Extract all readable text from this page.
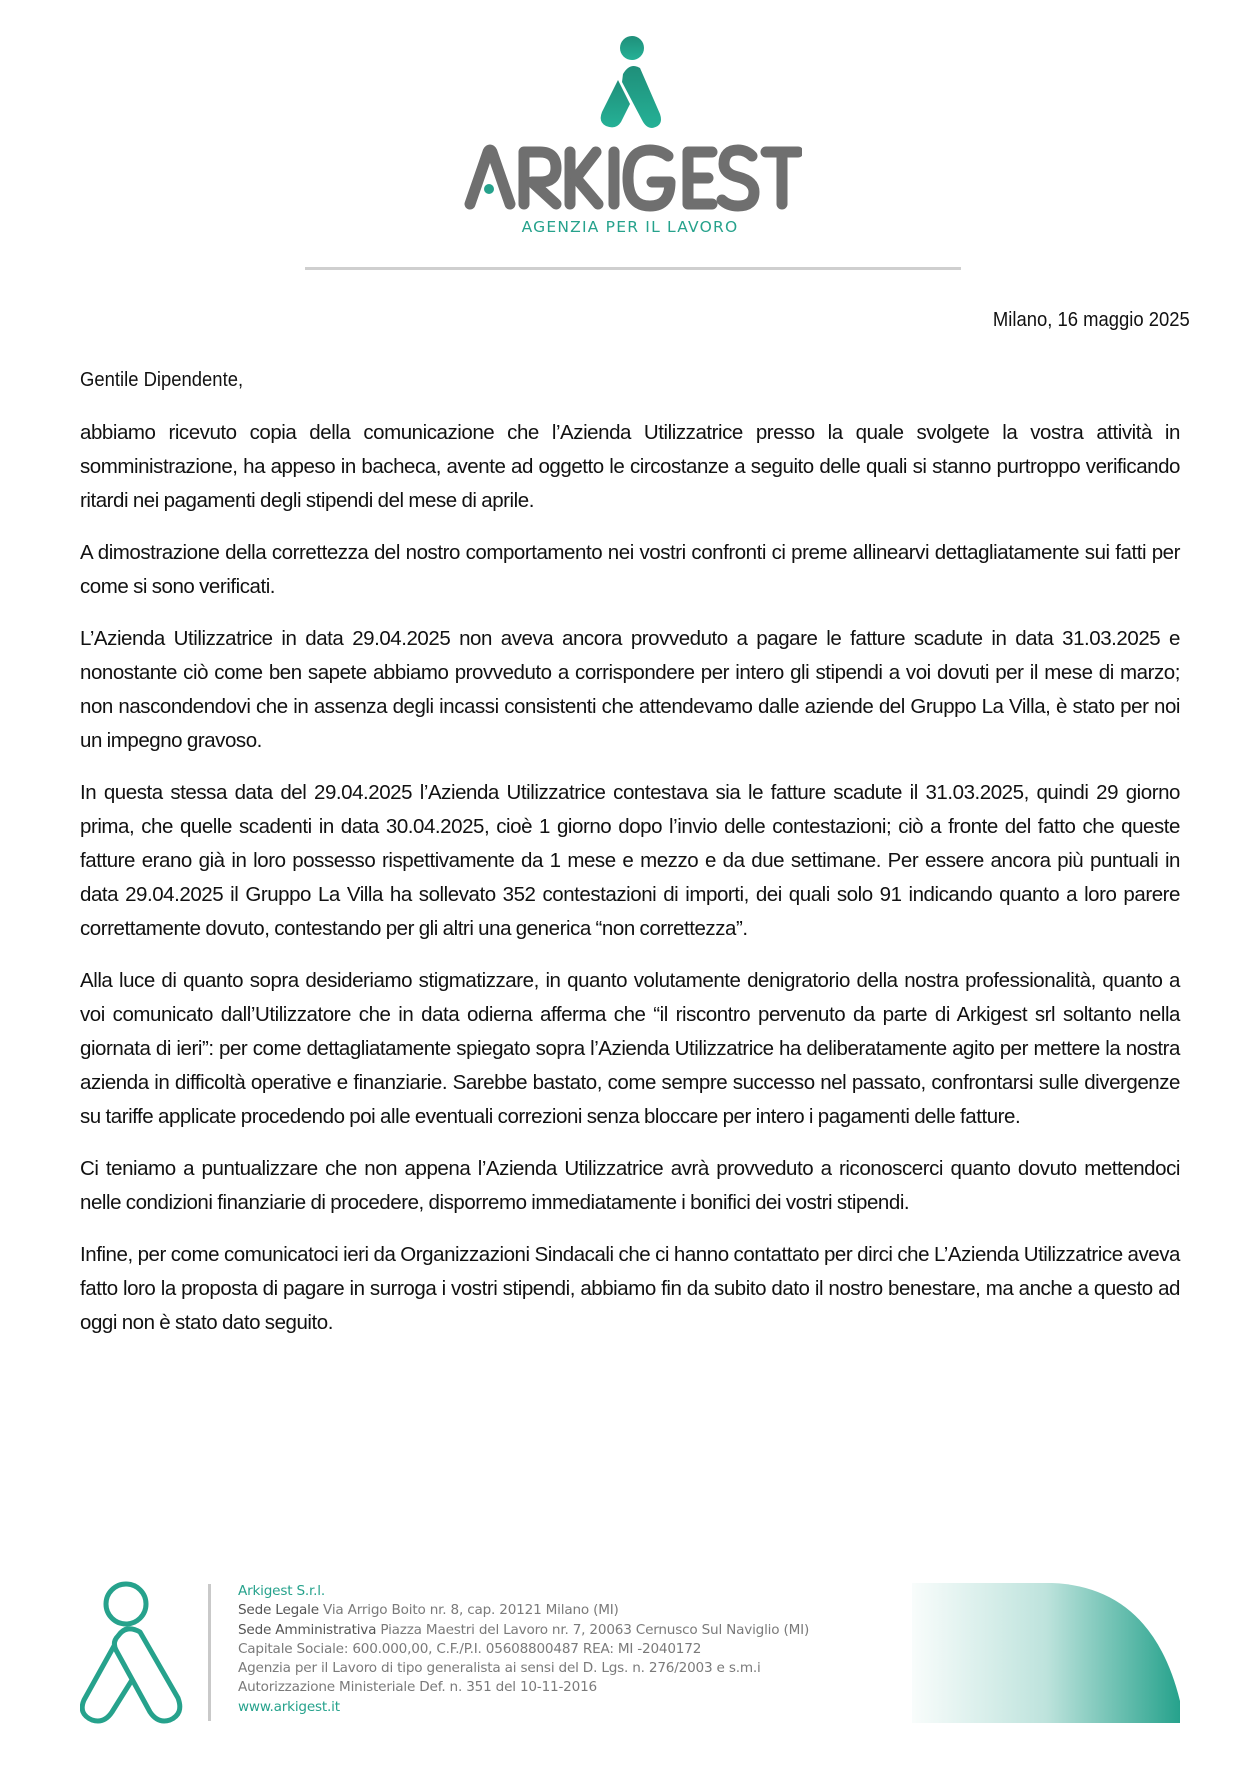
AGENZIA PER IL LAVORO
Milano, 16 maggio 2025
Gentile Dipendente,

abbiamo ricevuto copia della comunicazione che l’Azienda Utilizzatrice presso la quale svolgete la vostra attività in somministrazione, ha appeso in bacheca, avente ad oggetto le circostanze a seguito delle quali si stanno purtroppo verificando ritardi nei pagamenti degli stipendi del mese di aprile.

A dimostrazione della correttezza del nostro comportamento nei vostri confronti ci preme allinearvi dettagliatamente sui fatti per come si sono verificati.

L’Azienda Utilizzatrice in data 29.04.2025 non aveva ancora provveduto a pagare le fatture scadute in data 31.03.2025 e nonostante ciò come ben sapete abbiamo provveduto a corrispondere per intero gli stipendi a voi dovuti per il mese di marzo; non nascondendovi che in assenza degli incassi consistenti che attendevamo dalle aziende del Gruppo La Villa, è stato per noi un impegno gravoso.

In questa stessa data del 29.04.2025 l’Azienda Utilizzatrice contestava sia le fatture scadute il 31.03.2025, quindi 29 giorno prima, che quelle scadenti in data 30.04.2025, cioè 1 giorno dopo l’invio delle contestazioni; ciò a fronte del fatto che queste fatture erano già in loro possesso rispettivamente da 1 mese e mezzo e da due settimane. Per essere ancora più puntuali in data 29.04.2025 il Gruppo La Villa ha sollevato 352 contestazioni di importi, dei quali solo 91 indicando quanto a loro parere correttamente dovuto, contestando per gli altri una generica “non correttezza”.

Alla luce di quanto sopra desideriamo stigmatizzare, in quanto volutamente denigratorio della nostra professionalità, quanto a voi comunicato dall’Utilizzatore che in data odierna afferma che “il riscontro pervenuto da parte di Arkigest srl soltanto nella giornata di ieri”: per come dettagliatamente spiegato sopra l’Azienda Utilizzatrice ha deliberatamente agito per mettere la nostra azienda in difficoltà operative e finanziarie. Sarebbe bastato, come sempre successo nel passato, confrontarsi sulle divergenze su tariffe applicate procedendo poi alle eventuali correzioni senza bloccare per intero i pagamenti delle fatture.

Ci teniamo a puntualizzare che non appena l’Azienda Utilizzatrice avrà provveduto a riconoscerci quanto dovuto mettendoci nelle condizioni finanziarie di procedere, disporremo immediatamente i bonifici dei vostri stipendi.

Infine, per come comunicatoci ieri da Organizzazioni Sindacali che ci hanno contattato per dirci che L’Azienda Utilizzatrice aveva fatto loro la proposta di pagare in surroga i vostri stipendi, abbiamo fin da subito dato il nostro benestare, ma anche a questo ad oggi non è stato dato seguito.

Arkigest S.r.l.
Sede Legale Via Arrigo Boito nr. 8, cap. 20121 Milano (MI)
Sede Amministrativa Piazza Maestri del Lavoro nr. 7, 20063 Cernusco Sul Naviglio (MI)
Capitale Sociale: 600.000,00, C.F./P.I. 05608800487 REA: MI -2040172
Agenzia per il Lavoro di tipo generalista ai sensi del D. Lgs. n. 276/2003 e s.m.i
Autorizzazione Ministeriale Def. n. 351 del 10-11-2016
www.arkigest.it
